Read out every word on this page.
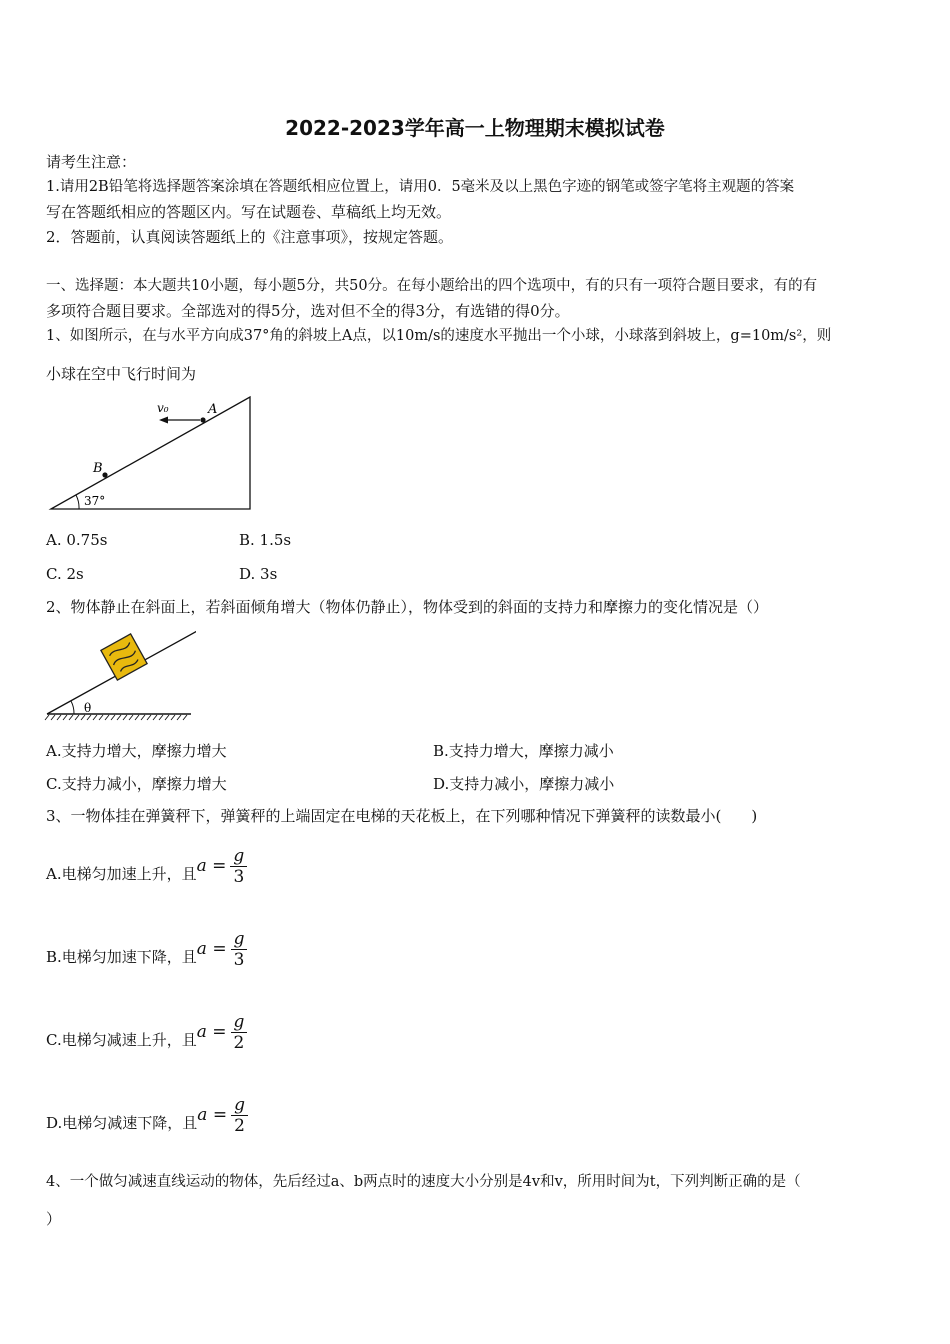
2022-2023学年高一上物理期末模拟试卷
请考生注意：
1.请用2B铅笔将选择题答案涂填在答题纸相应位置上，请用0．5毫米及以上黑色字迹的钢笔或签字笔将主观题的答案
写在答题纸相应的答题区内。写在试题卷、草稿纸上均无效。
2．答题前，认真阅读答题纸上的《注意事项》，按规定答题。
一、选择题：本大题共10小题，每小题5分，共50分。在每小题给出的四个选项中，有的只有一项符合题目要求，有的有
多项符合题目要求。全部选对的得5分，选对但不全的得3分，有选错的得0分。
1、如图所示，在与水平方向成37°角的斜坡上A点，以10m/s的速度水平抛出一个小球，小球落到斜坡上，g=10m/s²，则
小球在空中飞行时间为
37°
A
B
v₀
A. 0.75s	B. 1.5s
C. 2s	D. 3s
2、物体静止在斜面上，若斜面倾角增大（物体仍静止），物体受到的斜面的支持力和摩擦力的变化情况是（）
θ
A.支持力增大，摩擦力增大	B.支持力增大，摩擦力减小
C.支持力减小，摩擦力增大	D.支持力减小，摩擦力减小
3、一物体挂在弹簧秤下，弹簧秤的上端固定在电梯的天花板上，在下列哪种情况下弹簧秤的读数最小(　　)
A.电梯匀加速上升，且 $a = \frac{g}{3}$
B.电梯匀加速下降，且 $a = \frac{g}{3}$
C.电梯匀减速上升，且 $a = \frac{g}{2}$
D.电梯匀减速下降，且 $a = \frac{g}{2}$
4、一个做匀减速直线运动的物体，先后经过a、b两点时的速度大小分别是4v和v，所用时间为t，下列判断正确的是（
）
